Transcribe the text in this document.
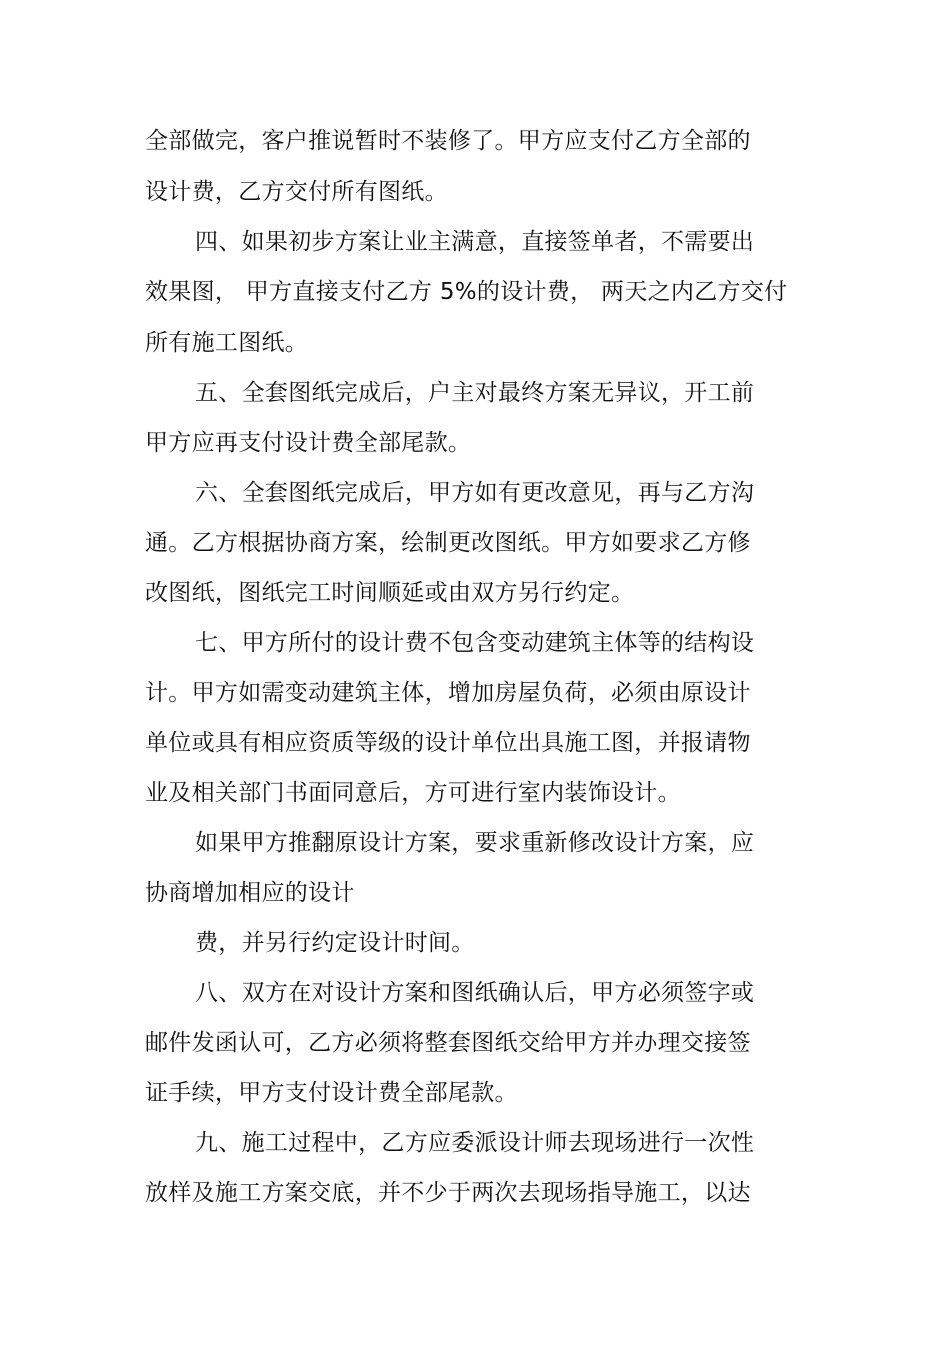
全部做完，客户推说暂时不装修了。甲方应支付乙方全部的
设计费，乙方交付所有图纸。
四、如果初步方案让业主满意，直接签单者，不需要出
效果图， 甲方直接支付乙方 5%的设计费， 两天之内乙方交付
所有施工图纸。
五、全套图纸完成后，户主对最终方案无异议，开工前
甲方应再支付设计费全部尾款。
六、全套图纸完成后，甲方如有更改意见，再与乙方沟
通。乙方根据协商方案，绘制更改图纸。甲方如要求乙方修
改图纸，图纸完工时间顺延或由双方另行约定。
七、甲方所付的设计费不包含变动建筑主体等的结构设
计。甲方如需变动建筑主体，增加房屋负荷，必须由原设计
单位或具有相应资质等级的设计单位出具施工图，并报请物
业及相关部门书面同意后，方可进行室内装饰设计。
如果甲方推翻原设计方案，要求重新修改设计方案，应
协商增加相应的设计
费，并另行约定设计时间。
八、双方在对设计方案和图纸确认后，甲方必须签字或
邮件发函认可，乙方必须将整套图纸交给甲方并办理交接签
证手续，甲方支付设计费全部尾款。
九、施工过程中，乙方应委派设计师去现场进行一次性
放样及施工方案交底，并不少于两次去现场指导施工，以达
